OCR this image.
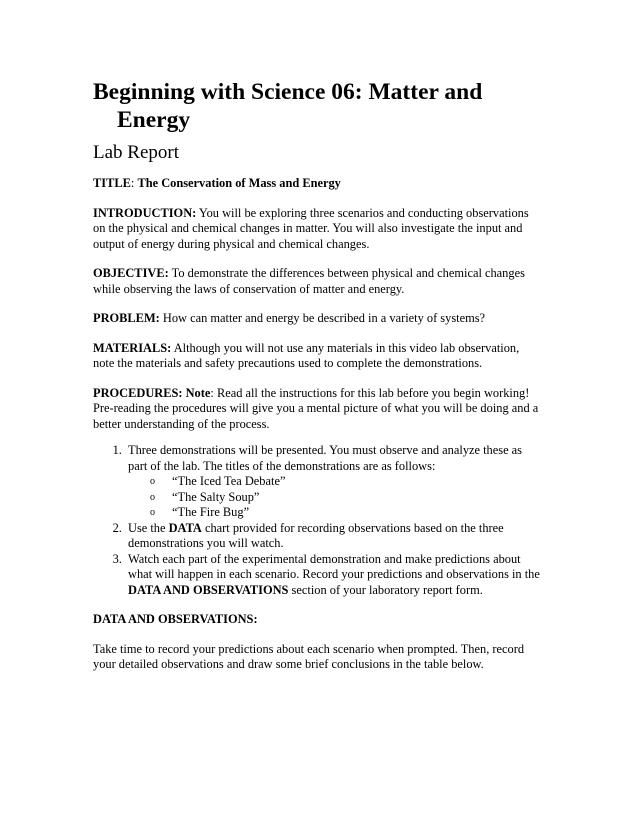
Beginning with Science 06: Matter and Energy

Lab Report

TITLE: The Conservation of Mass and Energy

INTRODUCTION: You will be exploring three scenarios and conducting observations on the physical and chemical changes in matter. You will also investigate the input and output of energy during physical and chemical changes.

OBJECTIVE: To demonstrate the differences between physical and chemical changes while observing the laws of conservation of matter and energy.

PROBLEM: How can matter and energy be described in a variety of systems?

MATERIALS: Although you will not use any materials in this video lab observation, note the materials and safety precautions used to complete the demonstrations.

PROCEDURES: Note: Read all the instructions for this lab before you begin working! Pre-reading the procedures will give you a mental picture of what you will be doing and a better understanding of the process.

1. Three demonstrations will be presented. You must observe and analyze these as part of the lab. The titles of the demonstrations are as follows:
o “The Iced Tea Debate”
o “The Salty Soup”
o “The Fire Bug”
2. Use the DATA chart provided for recording observations based on the three demonstrations you will watch.
3. Watch each part of the experimental demonstration and make predictions about what will happen in each scenario. Record your predictions and observations in the DATA AND OBSERVATIONS section of your laboratory report form.

DATA AND OBSERVATIONS:

Take time to record your predictions about each scenario when prompted. Then, record your detailed observations and draw some brief conclusions in the table below.
